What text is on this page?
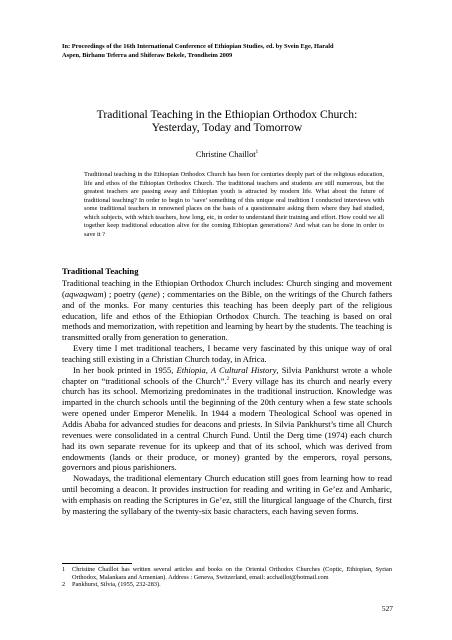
In: Proceedings of the 16th International Conference of Ethiopian Studies, ed. by Svein Ege, Harald
Aspen, Birhanu Teferra and Shiferaw Bekele, Trondheim 2009
Traditional Teaching in the Ethiopian Orthodox Church:
Yesterday, Today and Tomorrow
Christine Chaillot$^1$

Traditional teaching in the Ethiopian Orthodox Church has been for centuries deeply part of the religious education, life and ethos of the Ethiopian Orthodox Church. The traditional teachers and students are still numerous, but the greatest teachers are passing away and Ethiopian youth is attracted by modern life. What about the future of traditional teaching? In order to begin to ‘save’ something of this unique oral tradition I conducted interviews with some traditional teachers in renowned places on the basis of a questionnaire asking them where they had studied, which subjects, with which teachers, how long, etc, in order to understand their training and effort. How could we all together keep traditional education alive for the coming Ethiopian generations? And what can be done in order to save it ?

Traditional Teaching

Traditional teaching in the Ethiopian Orthodox Church includes: Church singing and movement (aqwaqwam) ; poetry (qene) ; commentaries on the Bible, on the writings of the Church fathers and of the monks. For many centuries this teaching has been deeply part of the religious education, life and ethos of the Ethiopian Orthodox Church. The teaching is based on oral methods and memorization, with repetition and learning by heart by the students. The teaching is transmitted orally from generation to generation.

Every time I met traditional teachers, I became very fascinated by this unique way of oral teaching still existing in a Christian Church today, in Africa.

In her book printed in 1955, Ethiopia, A Cultural History, Silvia Pankhurst wrote a whole chapter on “traditional schools of the Church”.$^2$ Every village has its church and nearly every church has its school. Memorizing predominates in the traditional instruction. Knowledge was imparted in the church schools until the beginning of the 20th century when a few state schools were opened under Emperor Menelik. In 1944 a modern Theological School was opened in Addis Ababa for advanced studies for deacons and priests. In Silvia Pankhurst’s time all Church revenues were consolidated in a central Church Fund. Until the Derg time (1974) each church had its own separate revenue for its upkeep and that of its school, which was derived from endowments (lands or their produce, or money) granted by the emperors, royal persons, governors and pious parishioners.

Nowadays, the traditional elementary Church education still goes from learning how to read until becoming a deacon. It provides instruction for reading and writing in Ge’ez and Amharic, with emphasis on reading the Scriptures in Ge’ez, still the liturgical language of the Church, first by mastering the syllabary of the twenty-six basic characters, each having seven forms.

1	Christine Chaillot has written several articles and books on the Oriental Orthodox Churches (Coptic, Ethiopian, Syrian Orthodox, Malankara and Armenian). Address : Geneva, Switzerland, email: acchaillot@hotmail.com
2	Pankhurst, Silvia, (1955, 232-283).
527
